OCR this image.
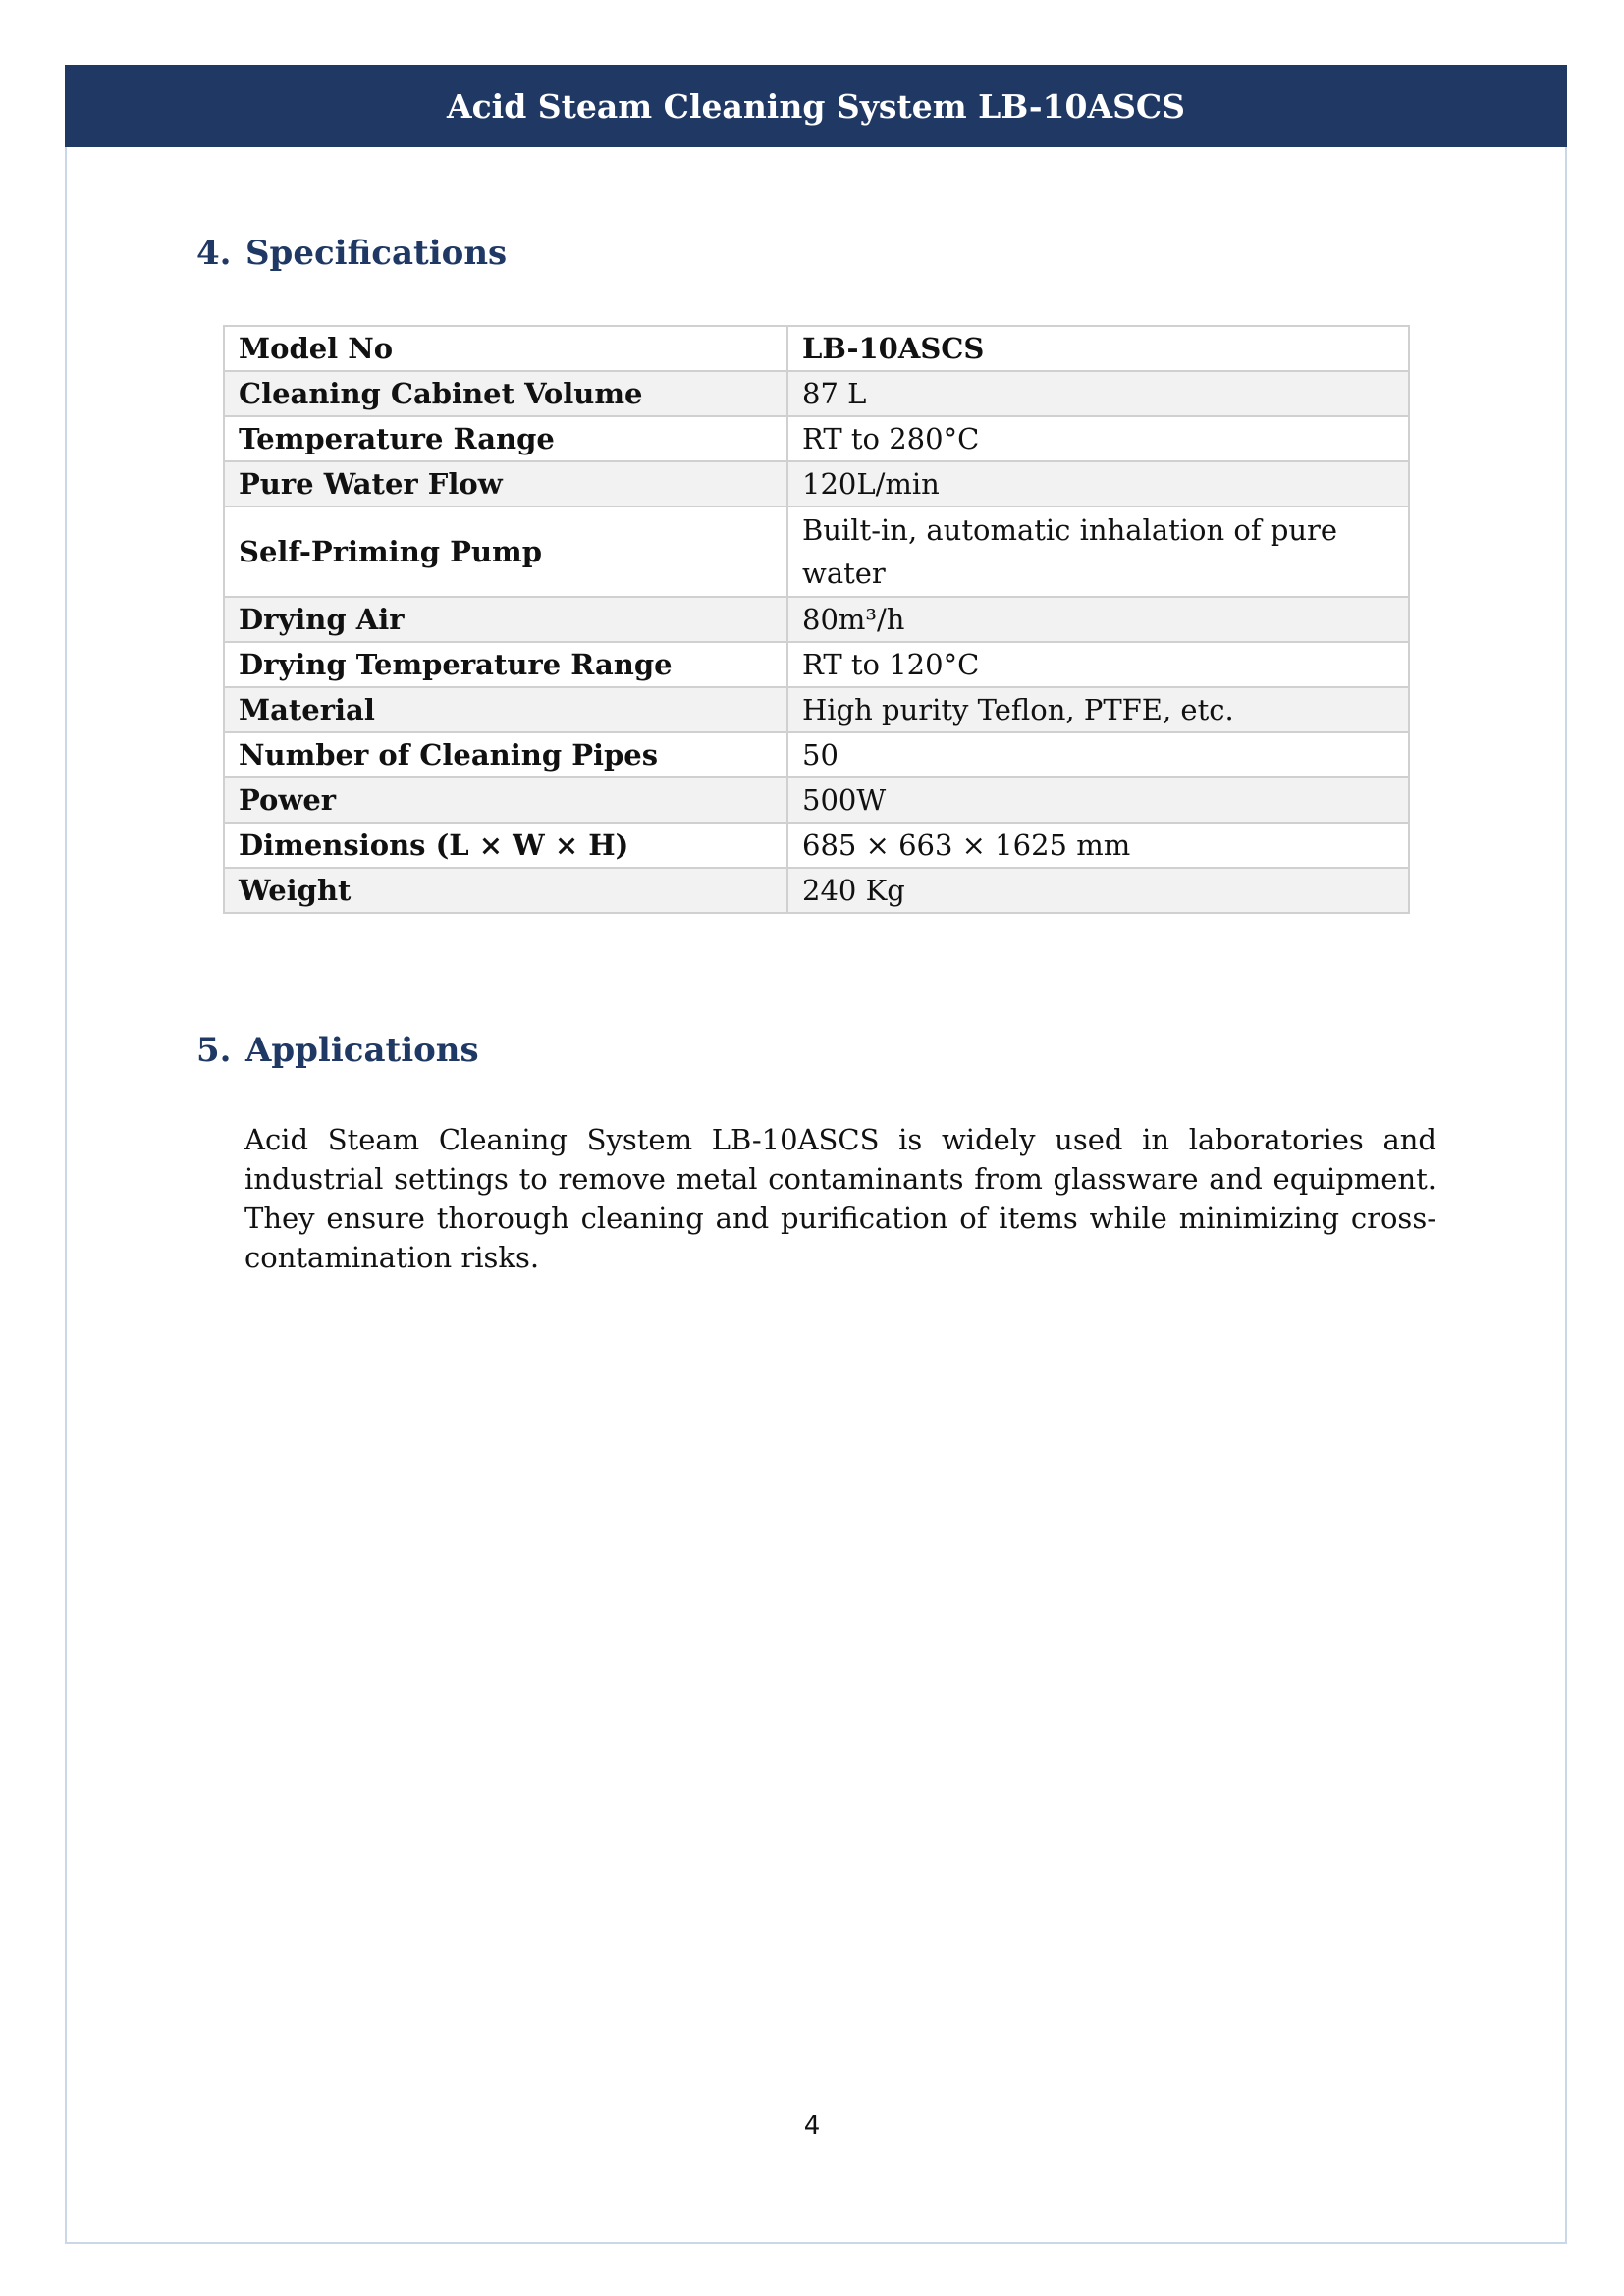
Acid Steam Cleaning System LB-10ASCS
4. Specifications
Model No	LB-10ASCS
Cleaning Cabinet Volume	87 L
Temperature Range	RT to 280°C
Pure Water Flow	120L/min
Self-Priming Pump	Built-in, automatic inhalation of pure water
Drying Air	80m³/h
Drying Temperature Range	RT to 120°C
Material	High purity Teflon, PTFE, etc.
Number of Cleaning Pipes	50
Power	500W
Dimensions (L × W × H)	685 × 663 × 1625 mm
Weight	240 Kg
5. Applications

Acid Steam Cleaning System LB-10ASCS is widely used in laboratories and industrial settings to remove metal contaminants from glassware and equipment. They ensure thorough cleaning and purification of items while minimizing cross-contamination risks.

4
